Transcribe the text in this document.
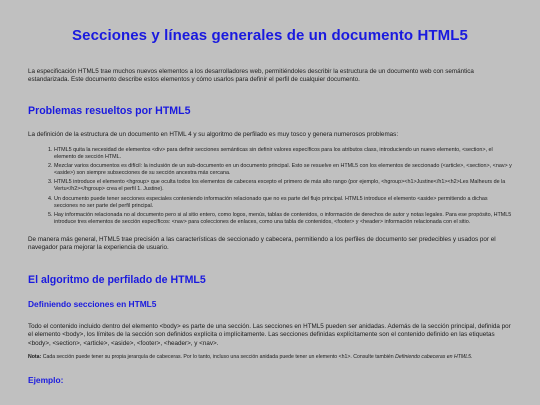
Secciones y líneas generales de un documento HTML5

La especificación HTML5 trae muchos nuevos elementos a los desarrolladores web, permitiéndoles describir la estructura de un documento web con semántica estandarizada. Este documento describe estos elementos y cómo usarlos para definir el perfil de cualquier documento.

Problemas resueltos por HTML5

La definición de la estructura de un documento en HTML 4 y su algoritmo de perfilado es muy tosco y genera numerosos problemas:

1. HTML5 quita la necesidad de elementos <div> para definir secciones semánticas sin definir valores específicos para los atributos class, introduciendo un nuevo elemento, <section>, el elemento de sección HTML.
2. Mezclar varios documentos es difícil: la inclusión de un sub-documento en un documento principal. Esto se resuelve en HTML5 con los elementos de seccionado (<article>, <section>, <nav> y <aside>) son siempre subsecciones de su sección ancestra más cercana.
3. HTML5 introduce el elemento <hgroup> que oculta todos los elementos de cabecera excepto el primero de más alto rango (por ejemplo, <hgroup><h1>Justine</h1><h2>Les Malheurs de la Vertu</h2></hgroup> crea el perfil 1. Justine).
4. Un documento puede tener secciones especiales conteniendo información relacionado que no es parte del flujo principal. HTML5 introduce el elemento <aside> permitiendo a dichas secciones no ser parte del perfil principal.
5. Hay información relacionada no al documento pero si al sitio entero, como logos, menús, tablas de contenidos, o información de derechos de autor y notas legales. Para ese propósito, HTML5 introduce tres elementos de sección específicos: <nav> para colecciones de enlaces, como una tabla de contenidos, <footer> y <header> información relacionada con el sitio.

De manera más general, HTML5 trae precisión a las características de seccionado y cabecera, permitiendo a los perfiles de documento ser predecibles y usados por el navegador para mejorar la experiencia de usuario.

El algoritmo de perfilado de HTML5
Definiendo secciones en HTML5

Todo el contenido incluido dentro del elemento <body> es parte de una sección. Las secciones en HTML5 pueden ser anidadas. Además de la sección principal, definida por el elemento <body>, los límites de la sección son definidos explícita o implícitamente. Las secciones definidas explícitamente son el contenido definido en las etiquetas <body>, <section>, <article>, <aside>, <footer>, <header>, y <nav>.

Nota: Cada sección puede tener su propia jerarquía de cabeceras. Por lo tanto, incluso una sección anidada puede tener un elemento <h1>. Consulte también Definiendo cabeceras en HTML5.

Ejemplo:
